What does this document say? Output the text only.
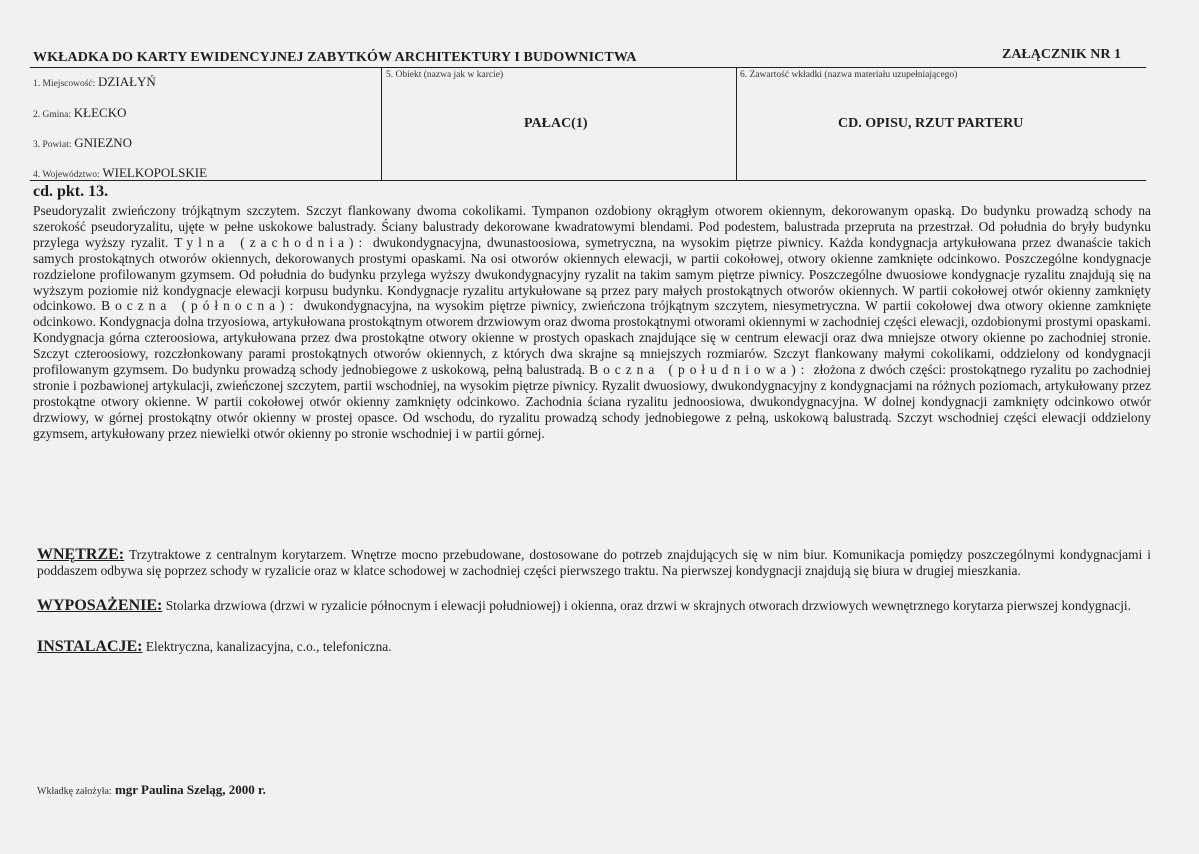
WKŁADKA DO KARTY EWIDENCYJNEJ ZABYTKÓW ARCHITEKTURY I BUDOWNICTWA	ZAŁĄCZNIK NR 1
1. Miejscowość: DZIAŁYŃ
2. Gmina: KŁECKO
3. Powiat: GNIEZNO
4. Województwo: WIELKOPOLSKIE
5. Obiekt (nazwa jak w karcie)
PAŁAC(1)
6. Zawartość wkładki (nazwa materiału uzupełniającego)
CD. OPISU, RZUT PARTERU
cd. pkt. 13.
Pseudoryzalit zwieńczony trójkątnym szczytem. Szczyt flankowany dwoma cokolikami. Tympanon ozdobiony okrągłym otworem okiennym, dekorowanym opaską. Do budynku prowadzą schody na szerokość pseudoryzalitu, ujęte w pełne uskokowe balustrady. Ściany balustrady dekorowane kwadratowymi blendami. Pod podestem, balustrada przepruta na przestrzał. Od południa do bryły budynku przylega wyższy ryzalit. Tylna (zachodnia): dwukondygnacyjna, dwunastoosiowa, symetryczna, na wysokim piętrze piwnicy. Każda kondygnacja artykułowana przez dwanaście takich samych prostokątnych otworów okiennych, dekorowanych prostymi opaskami. Na osi otworów okiennych elewacji, w partii cokołowej, otwory okienne zamknięte odcinkowo. Poszczególne kondygnacje rozdzielone profilowanym gzymsem. Od południa do budynku przylega wyższy dwukondygnacyjny ryzalit na takim samym piętrze piwnicy. Poszczególne dwuosiowe kondygnacje ryzalitu znajdują się na wyższym poziomie niż kondygnacje elewacji korpusu budynku. Kondygnacje ryzalitu artykułowane są przez pary małych prostokątnych otworów okiennych. W partii cokołowej otwór okienny zamknięty odcinkowo. Boczna (północna): dwukondygnacyjna, na wysokim piętrze piwnicy, zwieńczona trójkątnym szczytem, niesymetryczna. W partii cokołowej dwa otwory okienne zamknięte odcinkowo. Kondygnacja dolna trzyosiowa, artykułowana prostokątnym otworem drzwiowym oraz dwoma prostokątnymi otworami okiennymi w zachodniej części elewacji, ozdobionymi prostymi opaskami. Kondygnacja górna czteroosiowa, artykułowana przez dwa prostokątne otwory okienne w prostych opaskach znajdujące się w centrum elewacji oraz dwa mniejsze otwory okienne po zachodniej stronie. Szczyt czteroosiowy, rozczłonkowany parami prostokątnych otworów okiennych, z których dwa skrajne są mniejszych rozmiarów. Szczyt flankowany małymi cokolikami, oddzielony od kondygnacji profilowanym gzymsem. Do budynku prowadzą schody jednobiegowe z uskokową, pełną balustradą. Boczna (południowa): złożona z dwóch części: prostokątnego ryzalitu po zachodniej stronie i pozbawionej artykulacji, zwieńczonej szczytem, partii wschodniej, na wysokim piętrze piwnicy. Ryzalit dwuosiowy, dwukondygnacyjny z kondygnacjami na różnych poziomach, artykułowany przez prostokątne otwory okienne. W partii cokołowej otwór okienny zamknięty odcinkowo. Zachodnia ściana ryzalitu jednoosiowa, dwukondygnacyjna. W dolnej kondygnacji zamknięty odcinkowo otwór drzwiowy, w górnej prostokątny otwór okienny w prostej opasce. Od wschodu, do ryzalitu prowadzą schody jednobiegowe z pełną, uskokową balustradą. Szczyt wschodniej części elewacji oddzielony gzymsem, artykułowany przez niewielki otwór okienny po stronie wschodniej i w partii górnej.
WNĘTRZE: Trzytraktowe z centralnym korytarzem. Wnętrze mocno przebudowane, dostosowane do potrzeb znajdujących się w nim biur. Komunikacja pomiędzy poszczególnymi kondygnacjami i poddaszem odbywa się poprzez schody w ryzalicie oraz w klatce schodowej w zachodniej części pierwszego traktu. Na pierwszej kondygnacji znajdują się biura w drugiej mieszkania.
WYPOSAŻENIE: Stolarka drzwiowa (drzwi w ryzalicie północnym i elewacji południowej) i okienna, oraz drzwi w skrajnych otworach drzwiowych wewnętrznego korytarza pierwszej kondygnacji.
INSTALACJE: Elektryczna, kanalizacyjna, c.o., telefoniczna.
Wkładkę założyła: mgr Paulina Szeląg, 2000 r.
